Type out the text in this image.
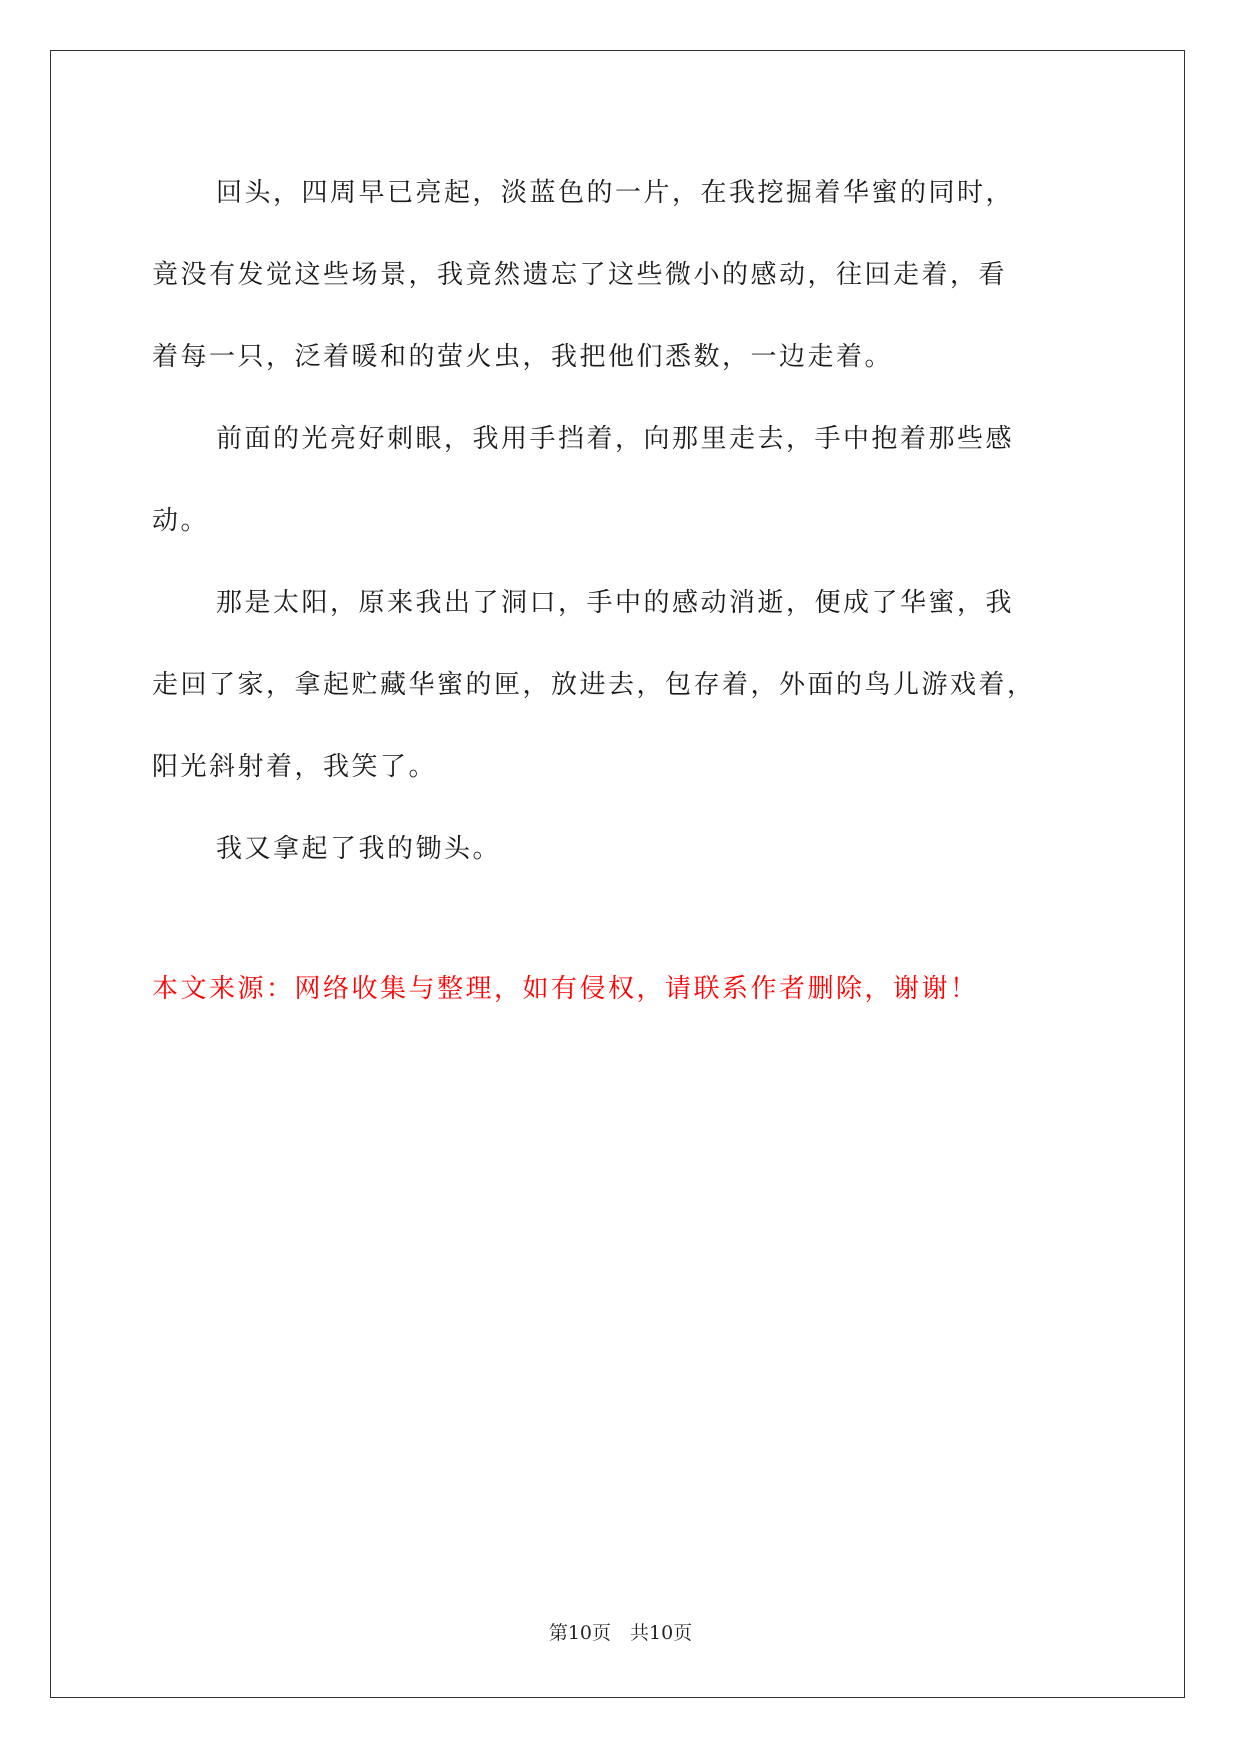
回头，四周早已亮起，淡蓝色的一片，在我挖掘着华蜜的同时，
竟没有发觉这些场景，我竟然遗忘了这些微小的感动，往回走着，看
着每一只，泛着暖和的萤火虫，我把他们悉数，一边走着。

前面的光亮好刺眼，我用手挡着，向那里走去，手中抱着那些感
动。

那是太阳，原来我出了洞口，手中的感动消逝，便成了华蜜，我
走回了家，拿起贮藏华蜜的匣，放进去，包存着，外面的鸟儿游戏着，
阳光斜射着，我笑了。

我又拿起了我的锄头。

本文来源：网络收集与整理，如有侵权，请联系作者删除，谢谢！
第10页　共10页
